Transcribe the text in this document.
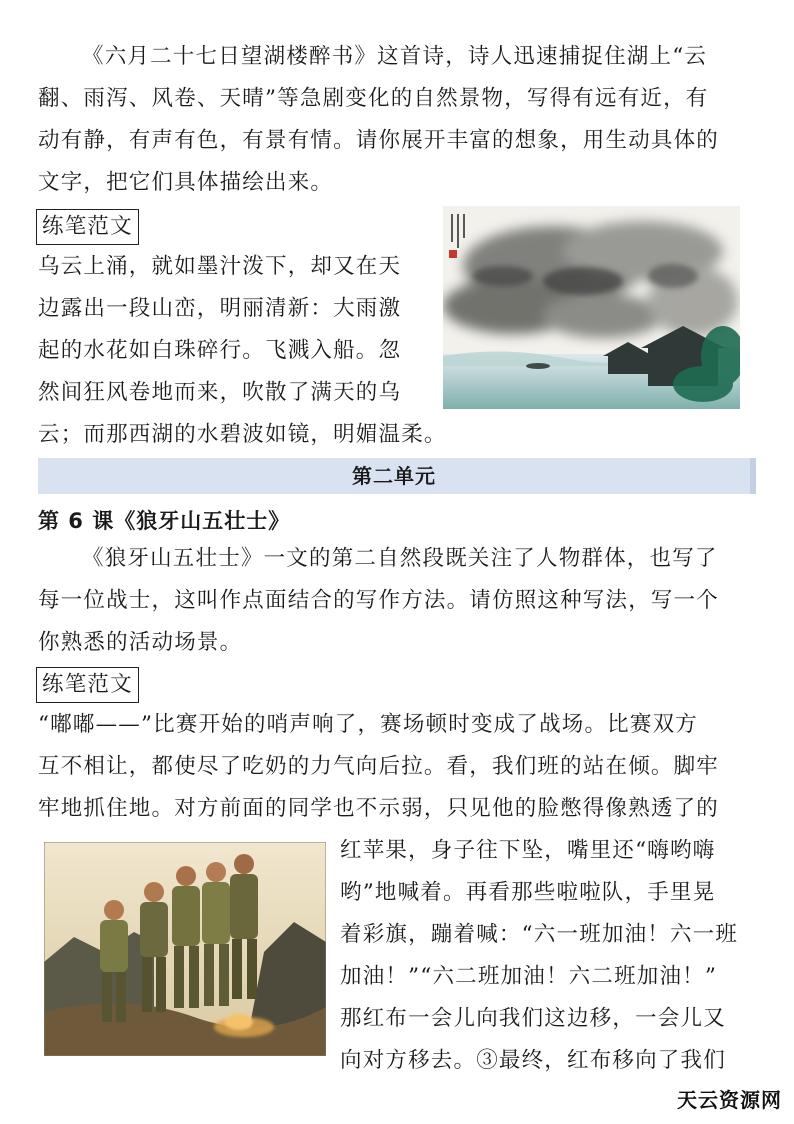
《六月二十七日望湖楼醉书》这首诗，诗人迅速捕捉住湖上“云
翻、雨泻、风卷、天晴”等急剧变化的自然景物，写得有远有近，有
动有静，有声有色，有景有情。请你展开丰富的想象，用生动具体的
文字，把它们具体描绘出来。
练笔范文
乌云上涌，就如墨汁泼下，却又在天
边露出一段山峦，明丽清新：大雨激
起的水花如白珠碎行。飞溅入船。忽
然间狂风卷地而来，吹散了满天的乌
云；而那西湖的水碧波如镜，明媚温柔。
第二单元
第 6 课《狼牙山五壮士》
《狼牙山五壮士》一文的第二自然段既关注了人物群体，也写了
每一位战士，这叫作点面结合的写作方法。请仿照这种写法，写一个
你熟悉的活动场景。
练笔范文
“嘟嘟——”比赛开始的哨声响了，赛场顿时变成了战场。比赛双方
互不相让，都使尽了吃奶的力气向后拉。看，我们班的站在倾。脚牢
牢地抓住地。对方前面的同学也不示弱，只见他的脸憋得像熟透了的
红苹果，身子往下坠，嘴里还“嗨哟嗨
哟”地喊着。再看那些啦啦队，手里晃
着彩旗，蹦着喊：“六一班加油！六一班
加油！”“六二班加油！六二班加油！”
那红布一会儿向我们这边移，一会儿又
向对方移去。③最终，红布移向了我们
天云资源网
